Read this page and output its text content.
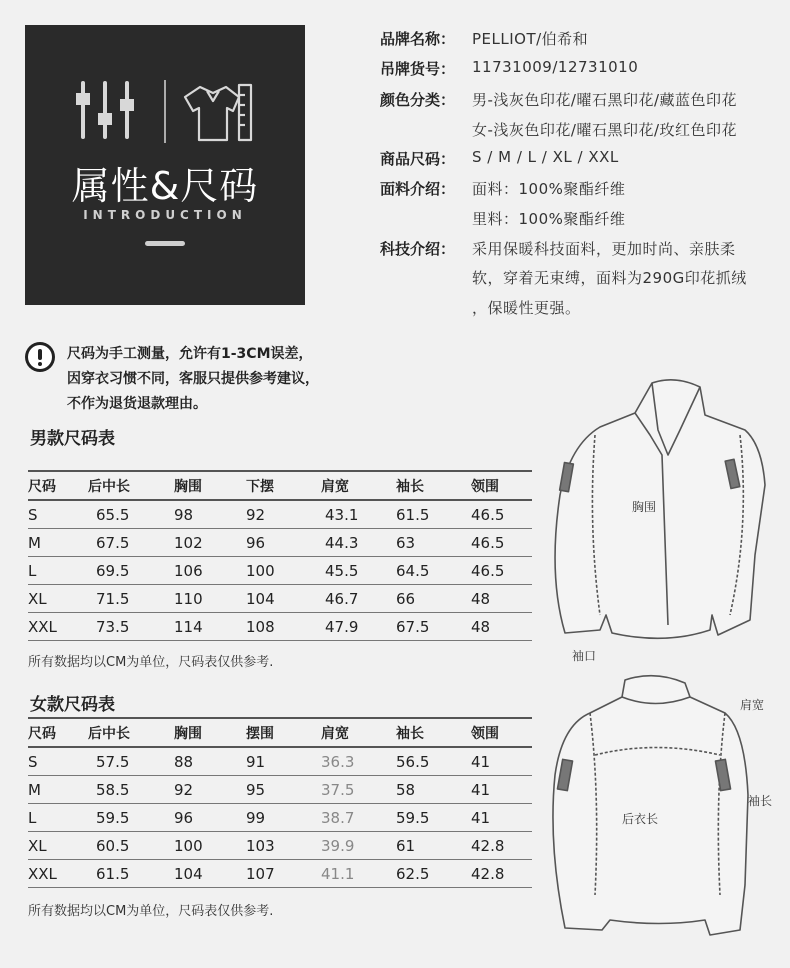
属性&尺码
INTRODUCTION
品牌名称： PELLIOT/伯希和
吊牌货号： 11731009/12731010
颜色分类： 男-浅灰色印花/曜石黑印花/藏蓝色印花
女-浅灰色印花/曜石黑印花/玫红色印花
商品尺码： S / M / L / XL / XXL
面料介绍： 面料：100%聚酯纤维
里料：100%聚酯纤维
科技介绍： 采用保暖科技面料，更加时尚、亲肤柔
软，穿着无束缚，面料为290G印花抓绒
，保暖性更强。
尺码为手工测量，允许有1-3CM误差，
因穿衣习惯不同，客服只提供参考建议，
不作为退货退款理由。
男款尺码表
尺码	后中长	胸围	下摆	肩宽	袖长	领围
S	65.5	98	92	43.1	61.5	46.5
M	67.5	102	96	44.3	63	46.5
L	69.5	106	100	45.5	64.5	46.5
XL	71.5	110	104	46.7	66	48
XXL	73.5	114	108	47.9	67.5	48
所有数据均以CM为单位，尺码表仅供参考.
女款尺码表
尺码	后中长	胸围	摆围	肩宽	袖长	领围
S	57.5	88	91	36.3	56.5	41
M	58.5	92	95	37.5	58	41
L	59.5	96	99	38.7	59.5	41
XL	60.5	100	103	39.9	61	42.8
XXL	61.5	104	107	41.1	62.5	42.8
所有数据均以CM为单位，尺码表仅供参考.
胸围
袖口
肩宽
袖长
后衣长
